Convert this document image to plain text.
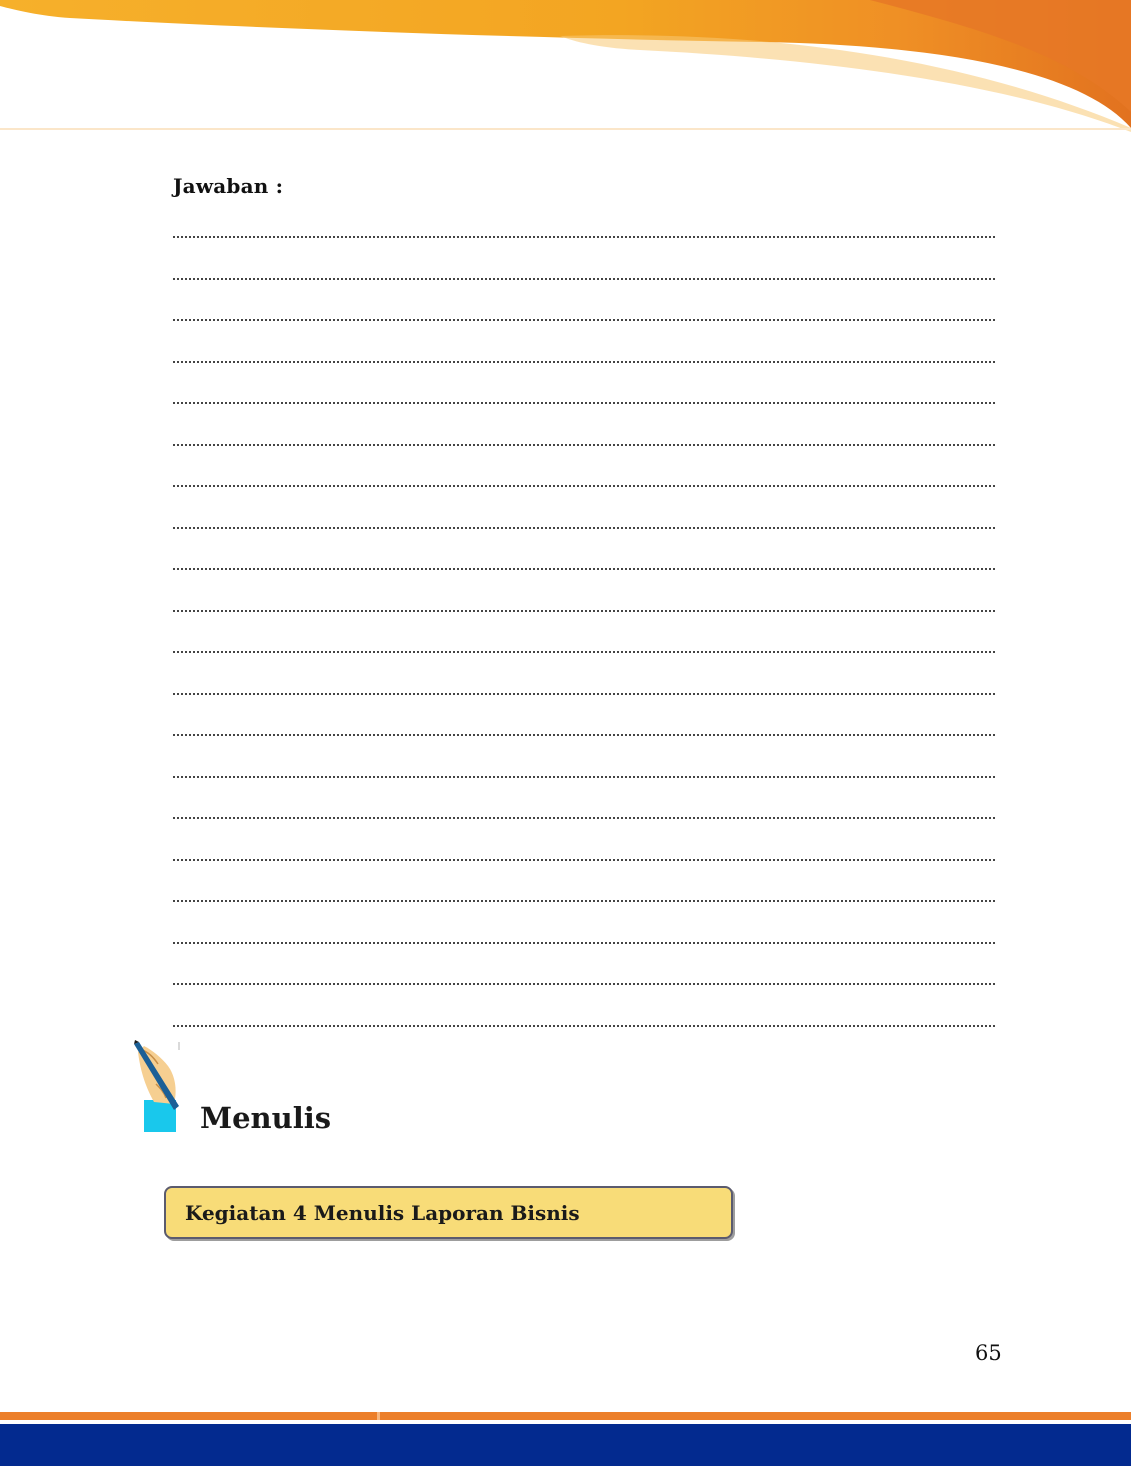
Jawaban :
Menulis
Kegiatan 4 Menulis Laporan Bisnis
65
